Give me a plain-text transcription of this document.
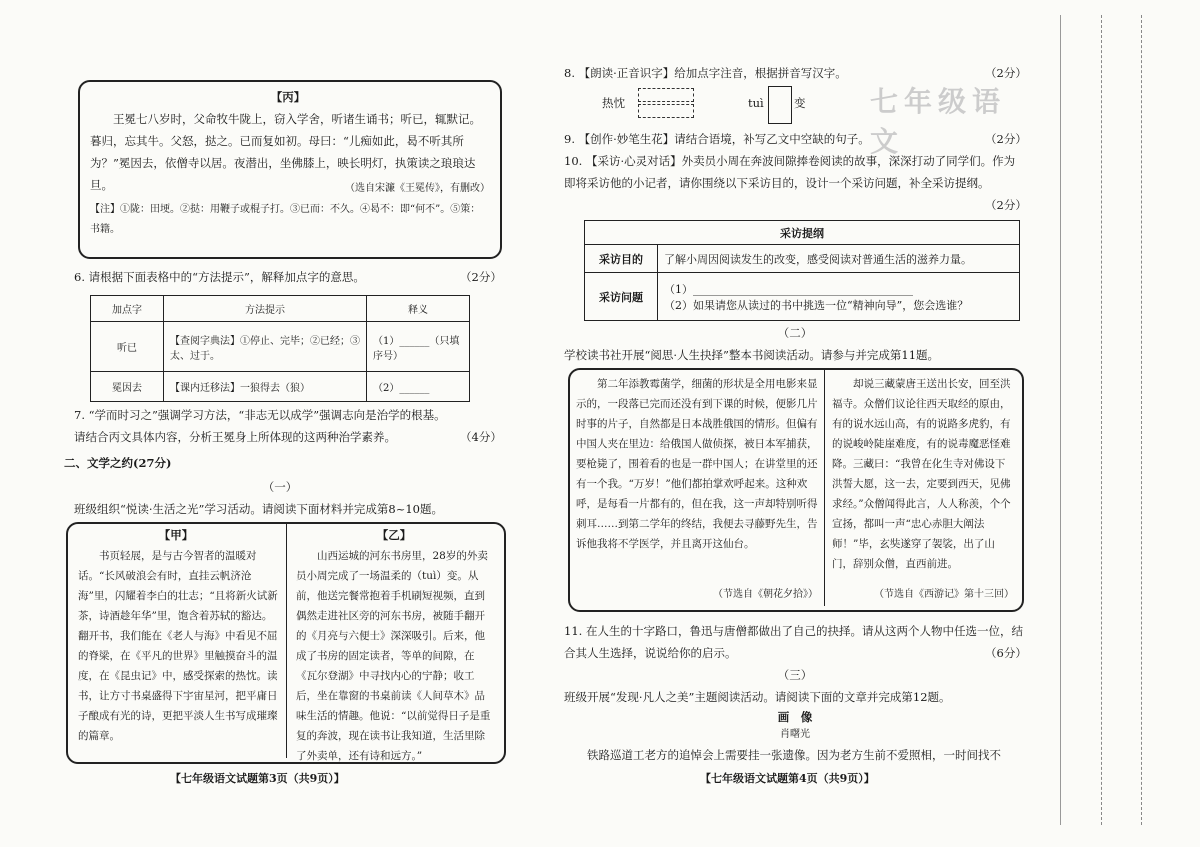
【丙】
王冕七八岁时，父命牧牛陇上，窃入学舍，听诸生诵书；听已，辄默记。暮归，忘其牛。父怒，挞之。已而复如初。母曰：“儿痴如此，曷不听其所为？”冕因去，依僧寺以居。夜潜出，坐佛膝上，映长明灯，执策读之琅琅达旦。	（选自宋濂《王冕传》，有删改）
【注】①陇：田埂。②挞：用鞭子或棍子打。③已而：不久。④曷不：即“何不”。⑤策：书籍。
6. 请根据下面表格中的“方法提示”，解释加点字的意思。	（2分）
加点字	方法提示	释义
听已	【查阅字典法】①停止、完毕；②已经；③太、过于。	（1）______（只填序号）
冕因去	【课内迁移法】一狼得去（狼）	（2）______
7. “学而时习之”强调学习方法，“非志无以成学”强调志向是治学的根基。请结合丙文具体内容，分析王冕身上所体现的这两种治学素养。	（4分）
二、文学之约(27分)
（一）
班级组织“悦读·生活之光”学习活动。请阅读下面材料并完成第8~10题。
【甲】
书页轻展，是与古今智者的温暖对话。“长风破浪会有时，直挂云帆济沧海”里，闪耀着李白的壮志；“且将新火试新茶，诗酒趁年华”里，饱含着苏轼的豁达。翻开书，我们能在《老人与海》中看见不屈的脊梁，在《平凡的世界》里触摸奋斗的温度，在《昆虫记》中，感受探索的热忱。读书，让方寸书桌盛得下宇宙星河，把平庸日子酿成有光的诗，更把平淡人生书写成璀璨的篇章。
【乙】
山西运城的河东书房里，28岁的外卖员小周完成了一场温柔的（tuì）变。从前，他送完餐常抱着手机刷短视频，直到偶然走进社区旁的河东书房，被随手翻开的《月亮与六便士》深深吸引。后来，他成了书房的固定读者，等单的间隙，在《瓦尔登湖》中寻找内心的宁静；收工后，坐在靠窗的书桌前读《人间草木》品味生活的情趣。他说：“以前觉得日子是重复的奔波，现在读书让我知道，生活里除了外卖单，还有诗和远方。”
【七年级语文试题第3页（共9页）】
七年级语文
8. 【朗读·正音识字】给加点字注音，根据拼音写汉字。	（2分）
热忱	tuì	变
9. 【创作·妙笔生花】请结合语境，补写乙文中空缺的句子。	（2分）
10. 【采访·心灵对话】外卖员小周在奔波间隙捧卷阅读的故事，深深打动了同学们。作为即将采访他的小记者，请你围绕以下采访目的，设计一个采访问题，补全采访提纲。
（2分）
采访提纲	
采访目的	了解小周因阅读发生的改变，感受阅读对普通生活的滋养力量。
采访问题	（1）________________________________________
（2）如果请您从读过的书中挑选一位“精神向导”，您会选谁？
（二）
学校读书社开展“阅思·人生抉择”整本书阅读活动。请参与并完成第11题。
第二年添教霉菌学，细菌的形状是全用电影来显示的，一段落已完而还没有到下课的时候，便影几片时事的片子，自然都是日本战胜俄国的情形。但偏有中国人夹在里边：给俄国人做侦探，被日本军捕获，要枪毙了，围着看的也是一群中国人；在讲堂里的还有一个我。“万岁！”他们都拍掌欢呼起来。这种欢呼，是每看一片都有的，但在我，这一声却特别听得刺耳……到第二学年的终结，我便去寻藤野先生，告诉他我将不学医学，并且离开这仙台。
（节选自《朝花夕拾》）
却说三藏蒙唐王送出长安，回至洪福寺。众僧们议论往西天取经的原由，有的说水远山高，有的说路多虎豹，有的说峻岭陡崖难度，有的说毒魔恶怪难降。三藏曰：“我曾在化生寺对佛设下洪誓大愿，这一去，定要到西天，见佛求经。”众僧闻得此言，人人称羡，个个宣扬，都叫一声“忠心赤胆大阐法师！”毕，玄奘遂穿了袈裟，出了山门，辞别众僧，直西前进。
（节选自《西游记》第十三回）
11. 在人生的十字路口，鲁迅与唐僧都做出了自己的抉择。请从这两个人物中任选一位，结合其人生选择，说说给你的启示。	（6分）
（三）
班级开展“发现·凡人之美”主题阅读活动。请阅读下面的文章并完成第12题。
画　像
肖曙光
铁路巡道工老方的追悼会上需要挂一张遗像。因为老方生前不爱照相，一时间找不
【七年级语文试题第4页（共9页）】
